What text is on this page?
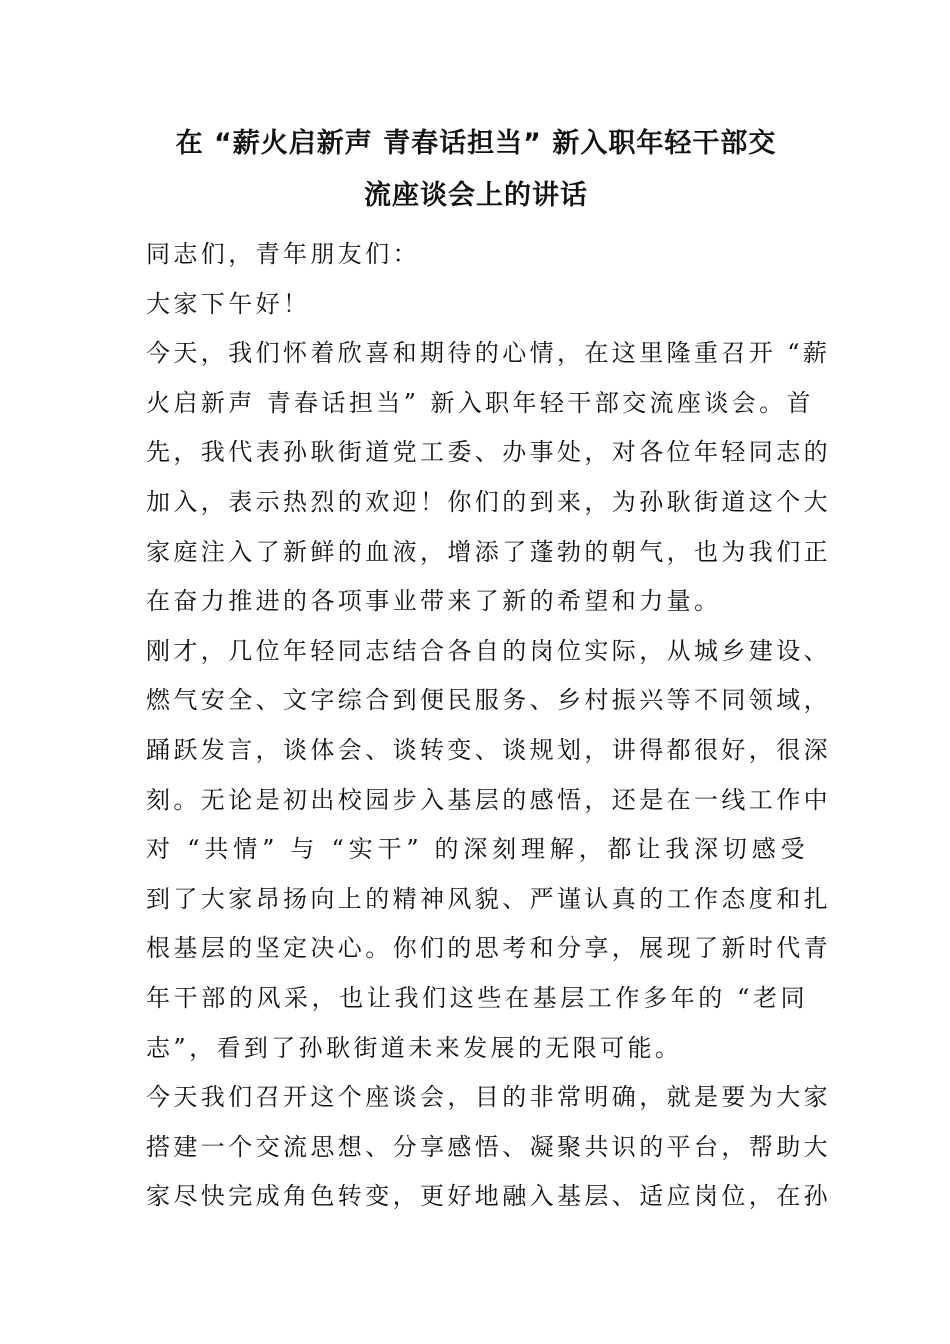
在 “薪火启新声 青春话担当” 新入职年轻干部交
流座谈会上的讲话
同志们，青年朋友们：
大家下午好！
今天，我们怀着欣喜和期待的心情，在这里隆重召开 “薪
火启新声 青春话担当” 新入职年轻干部交流座谈会。首
先，我代表孙耿街道党工委、办事处，对各位年轻同志的
加入，表示热烈的欢迎！你们的到来，为孙耿街道这个大
家庭注入了新鲜的血液，增添了蓬勃的朝气，也为我们正
在奋力推进的各项事业带来了新的希望和力量。
刚才，几位年轻同志结合各自的岗位实际，从城乡建设、
燃气安全、文字综合到便民服务、乡村振兴等不同领域，
踊跃发言，谈体会、谈转变、谈规划，讲得都很好，很深
刻。无论是初出校园步入基层的感悟，还是在一线工作中
对 “共情” 与 “实干” 的深刻理解，都让我深切感受
到了大家昂扬向上的精神风貌、严谨认真的工作态度和扎
根基层的坚定决心。你们的思考和分享，展现了新时代青
年干部的风采，也让我们这些在基层工作多年的 “老同
志”，看到了孙耿街道未来发展的无限可能。
今天我们召开这个座谈会，目的非常明确，就是要为大家
搭建一个交流思想、分享感悟、凝聚共识的平台，帮助大
家尽快完成角色转变，更好地融入基层、适应岗位，在孙
